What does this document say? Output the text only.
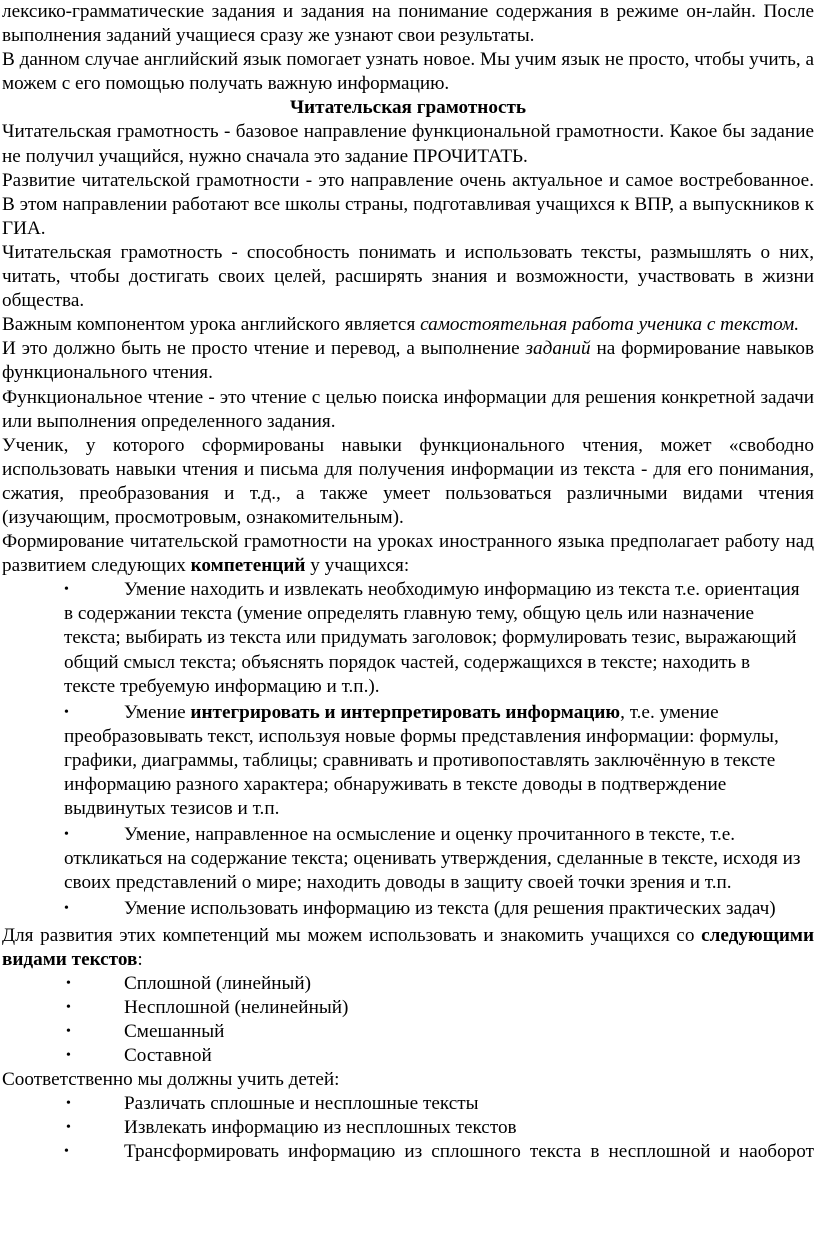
лексико-грамматические задания и задания на понимание содержания в режиме он-лайн. После выполнения заданий учащиеся сразу же узнают свои результаты.

В данном случае английский язык помогает узнать новое. Мы учим язык не просто, чтобы учить, а можем с его помощью получать важную информацию.

Читательская грамотность

Читательская грамотность - базовое направление функциональной грамотности. Какое бы задание не получил учащийся, нужно сначала это задание ПРОЧИТАТЬ.

Развитие читательской грамотности - это направление очень актуальное и самое востребованное. В этом направлении работают все школы страны, подготавливая учащихся к ВПР, а выпускников к ГИА.

Читательская грамотность - способность понимать и использовать тексты, размышлять о них, читать, чтобы достигать своих целей, расширять знания и возможности, участвовать в жизни общества.

Важным компонентом урока английского является самостоятельная работа ученика с текстом.

И это должно быть не просто чтение и перевод, а выполнение заданий на формирование навыков функционального чтения.

Функциональное чтение - это чтение с целью поиска информации для решения конкретной задачи или выполнения определенного задания.

Ученик, у которого сформированы навыки функционального чтения, может «свободно использовать навыки чтения и письма для получения информации из текста - для его понимания, сжатия, преобразования и т.д., а также умеет пользоваться различными видами чтения (изучающим, просмотровым, ознакомительным).

Формирование читательской грамотности на уроках иностранного языка предполагает работу над развитием следующих компетенций у учащихся:

•	Умение находить и извлекать необходимую информацию из текста т.е. ориентация в содержании текста (умение определять главную тему, общую цель или назначение текста; выбирать из текста или придумать заголовок; формулировать тезис, выражающий общий смысл текста; объяснять порядок частей, содержащихся в тексте; находить в тексте требуемую информацию и т.п.).
•	Умение интегрировать и интерпретировать информацию, т.е. умение преобразовывать текст, используя новые формы представления информации: формулы, графики, диаграммы, таблицы; сравнивать и противопоставлять заключённую в тексте информацию разного характера; обнаруживать в тексте доводы в подтверждение выдвинутых тезисов и т.п.
•	Умение, направленное на осмысление и оценку прочитанного в тексте, т.е. откликаться на содержание текста; оценивать утверждения, сделанные в тексте, исходя из своих представлений о мире; находить доводы в защиту своей точки зрения и т.п.
•	Умение использовать информацию из текста (для решения практических задач)

Для развития этих компетенций мы можем использовать и знакомить учащихся со следующими видами текстов:

•	Сплошной (линейный)
•	Несплошной (нелинейный)
•	Смешанный
•	Составной

Соответственно мы должны учить детей:

•	Различать сплошные и несплошные тексты
•	Извлекать информацию из несплошных текстов
•	Трансформировать информацию из сплошного текста в несплошной и наоборот
